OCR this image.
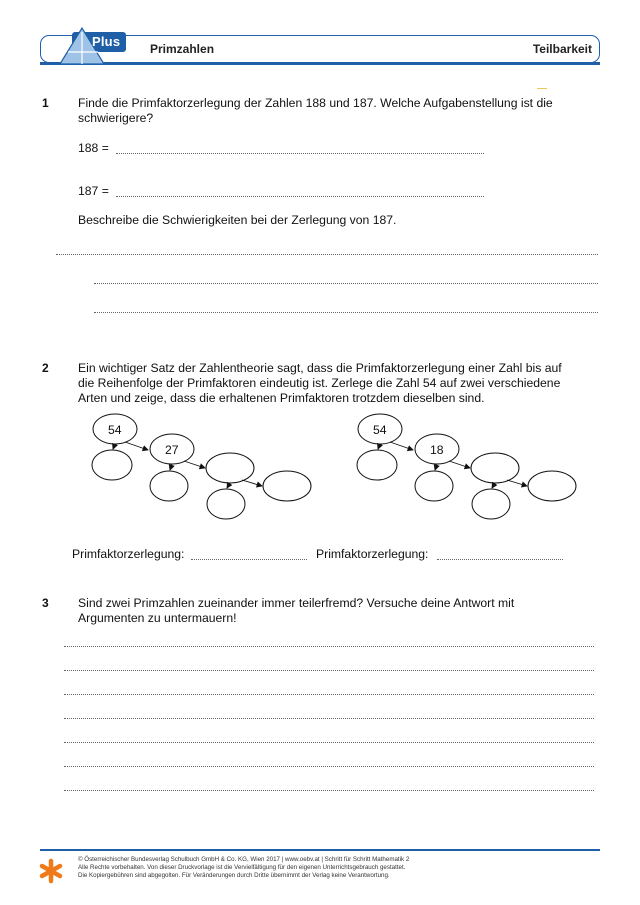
Plus Primzahlen	Teilbarkeit
1 Finde die Primfaktorzerlegung der Zahlen 188 und 187. Welche Aufgabenstellung ist die
schwierigere?
188 =
187 =
Beschreibe die Schwierigkeiten bei der Zerlegung von 187.
2 Ein wichtiger Satz der Zahlentheorie sagt, dass die Primfaktorzerlegung einer Zahl bis auf
die Reihenfolge der Primfaktoren eindeutig ist. Zerlege die Zahl 54 auf zwei verschiedene
Arten und zeige, dass die erhaltenen Primfaktoren trotzdem dieselben sind.
54
27
54
18
Primfaktorzerlegung:	Primfaktorzerlegung:
3 Sind zwei Primzahlen zueinander immer teilerfremd? Versuche deine Antwort mit
Argumenten zu untermauern!
© Österreichischer Bundesverlag Schulbuch GmbH & Co. KG, Wien 2017 | www.oebv.at | Schritt für Schritt Mathematik 2
Alle Rechte vorbehalten. Von dieser Druckvorlage ist die Vervielfältigung für den eigenen Unterrichtsgebrauch gestattet.
Die Kopiergebühren sind abgegolten. Für Veränderungen durch Dritte übernimmt der Verlag keine Verantwortung.
